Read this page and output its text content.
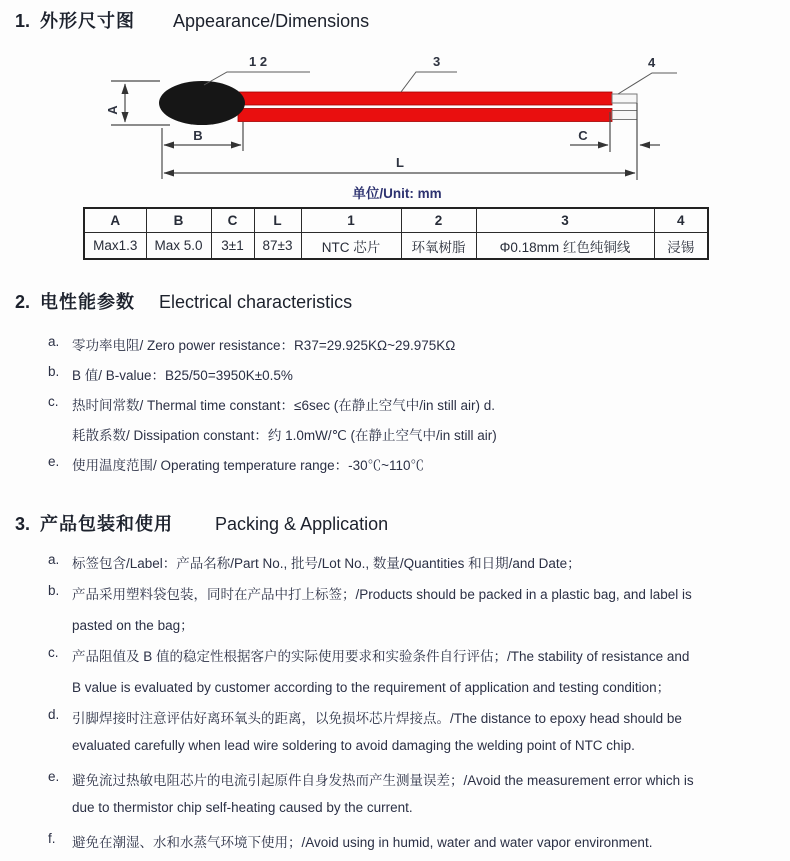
1. 外形尺寸图 Appearance/Dimensions
1 2	3	4
A
B	C
L
单位/Unit: mm
A	B	C	L	1	2	3	4
Max1.3	Max 5.0	3±1	87±3	NTC 芯片	环氧树脂	Φ0.18mm 红色纯铜线	浸锡
2. 电性能参数 Electrical characteristics
a. 零功率电阻/ Zero power resistance：R37=29.925KΩ~29.975KΩ
b. B 值/ B-value：B25/50=3950K±0.5%
c. 热时间常数/ Thermal time constant：≤6sec (在静止空气中/in still air) d.
耗散系数/ Dissipation constant：约 1.0mW/℃ (在静止空气中/in still air)
e. 使用温度范围/ Operating temperature range：-30℃~110℃
3. 产品包装和使用 Packing & Application
a. 标签包含/Label：产品名称/Part No., 批号/Lot No., 数量/Quantities 和日期/and Date；
b. 产品采用塑料袋包装，同时在产品中打上标签；/Products should be packed in a plastic bag, and label is
pasted on the bag；
c. 产品阻值及 B 值的稳定性根据客户的实际使用要求和实验条件自行评估；/The stability of resistance and
B value is evaluated by customer according to the requirement of application and testing condition；
d. 引脚焊接时注意评估好离环氧头的距离，以免损坏芯片焊接点。/The distance to epoxy head should be
evaluated carefully when lead wire soldering to avoid damaging the welding point of NTC chip.
e. 避免流过热敏电阻芯片的电流引起原件自身发热而产生测量误差；/Avoid the measurement error which is
due to thermistor chip self-heating caused by the current.
f.	避免在潮湿、水和水蒸气环境下使用；/Avoid using in humid, water and water vapor environment.
